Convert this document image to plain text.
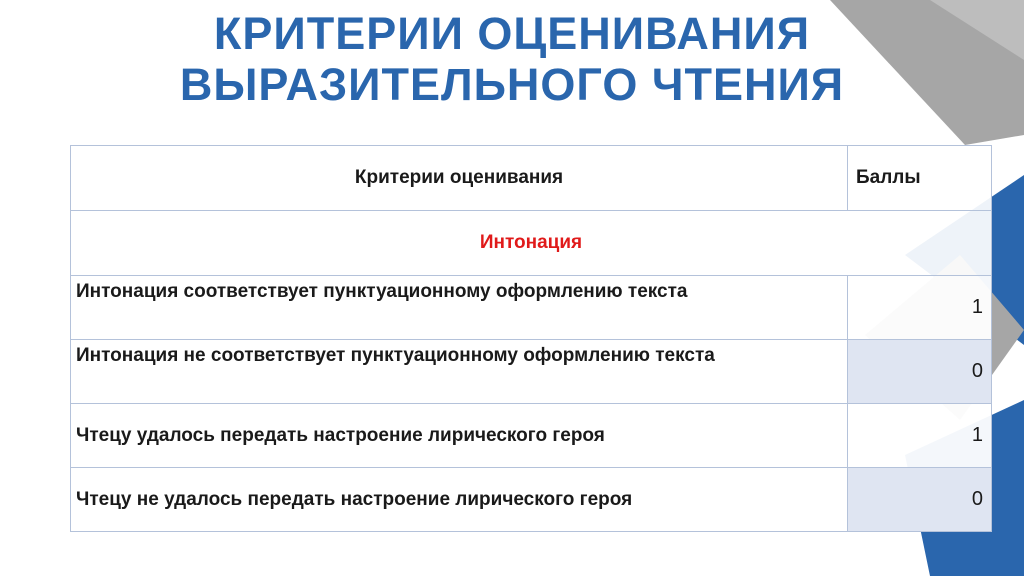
КРИТЕРИИ ОЦЕНИВАНИЯ
ВЫРАЗИТЕЛЬНОГО ЧТЕНИЯ
Критерии оценивания	Баллы
Интонация	
Интонация соответствует пунктуационному оформлению текста	1
Интонация не соответствует пунктуационному оформлению текста	0
Чтецу удалось передать настроение лирического героя	1
Чтецу не удалось передать настроение лирического героя	0
